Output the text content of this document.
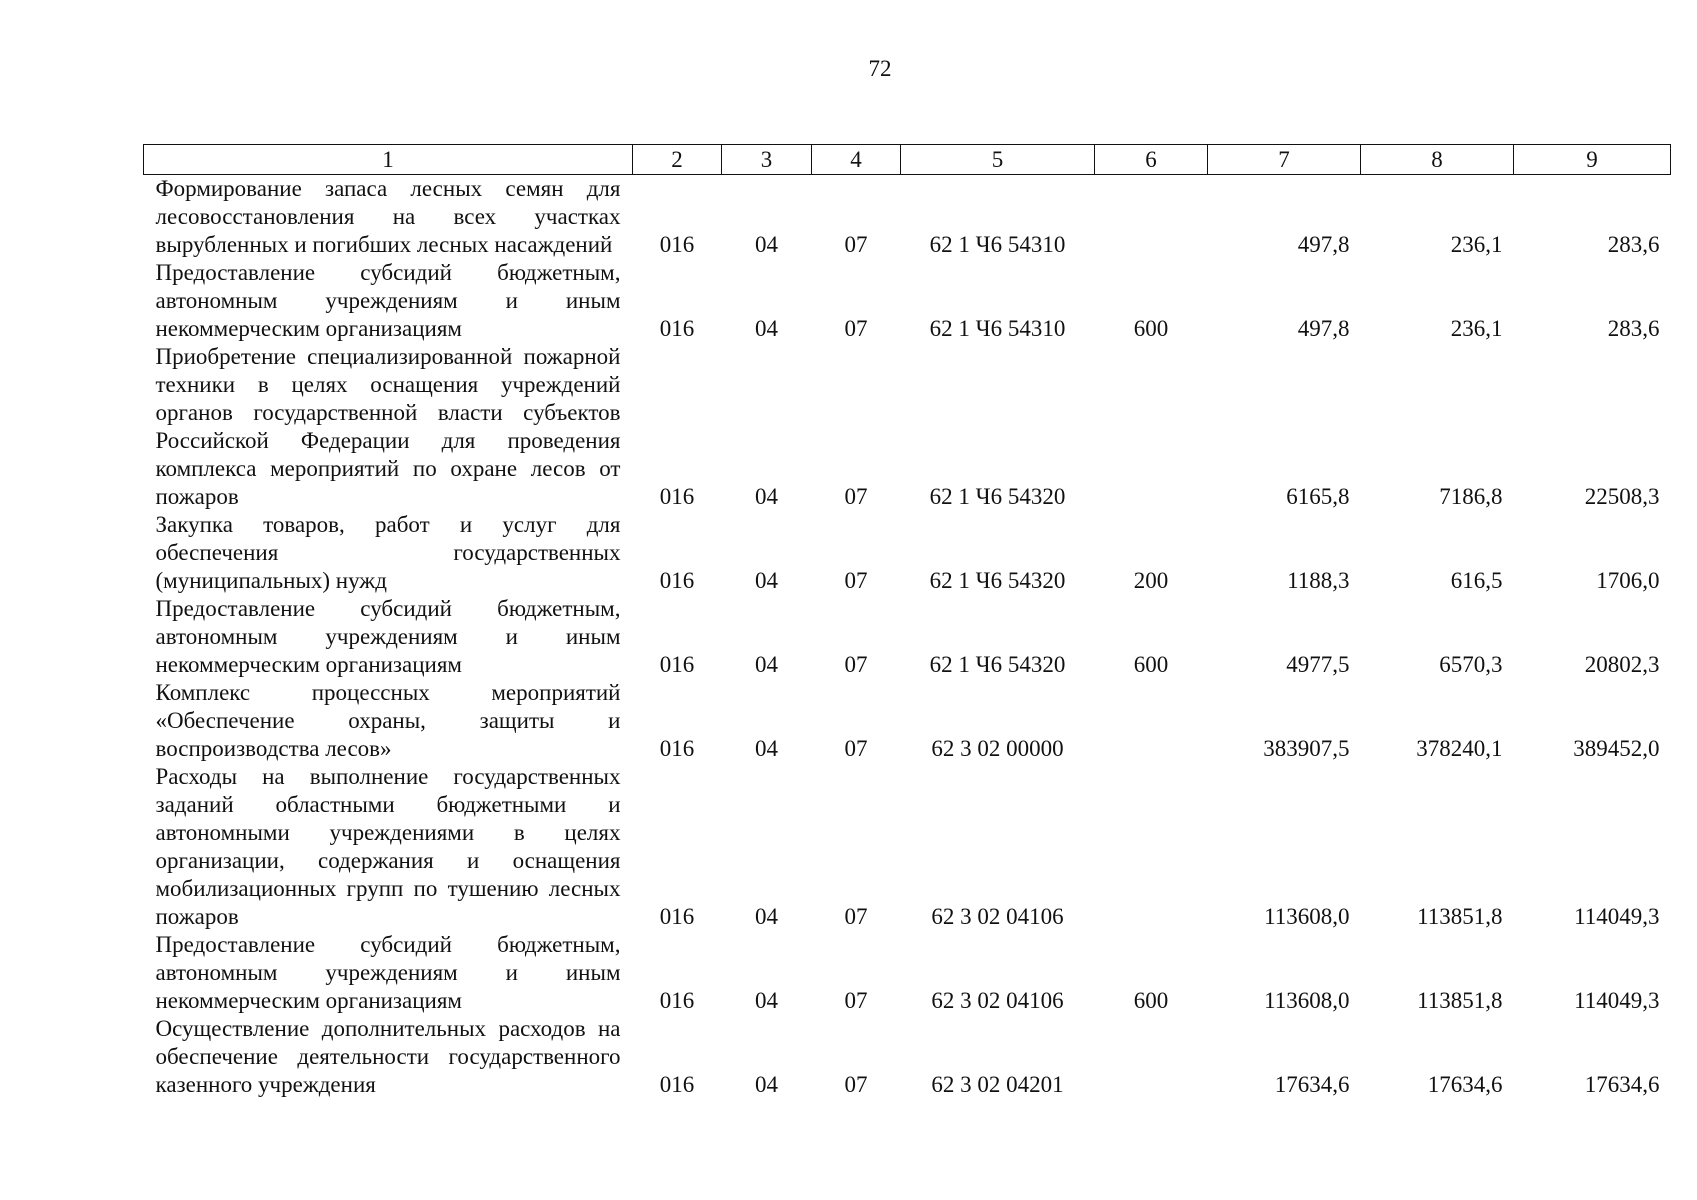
72
1	2	3	4	5	6	7	8	9
Формирование запаса лесных семян для лесовосстановления на всех участках вырубленных и погибших лесных насаждений	016	04	07	62 1 Ч6 54310		497,8	236,1	283,6
Предоставление субсидий бюджетным, автономным учреждениям и иным некоммерческим организациям	016	04	07	62 1 Ч6 54310	600	497,8	236,1	283,6
Приобретение специализированной пожарной техники в целях оснащения учреждений органов государственной власти субъектов Российской Федерации для проведения комплекса мероприятий по охране лесов от пожаров	016	04	07	62 1 Ч6 54320		6165,8	7186,8	22508,3
Закупка товаров, работ и услуг для обеспечения государственных (муниципальных) нужд	016	04	07	62 1 Ч6 54320	200	1188,3	616,5	1706,0
Предоставление субсидий бюджетным, автономным учреждениям и иным некоммерческим организациям	016	04	07	62 1 Ч6 54320	600	4977,5	6570,3	20802,3
Комплекс процессных мероприятий «Обеспечение охраны, защиты и воспроизводства лесов»	016	04	07	62 3 02 00000		383907,5	378240,1	389452,0
Расходы на выполнение государственных заданий областными бюджетными и автономными учреждениями в целях организации, содержания и оснащения мобилизационных групп по тушению лесных пожаров	016	04	07	62 3 02 04106		113608,0	113851,8	114049,3
Предоставление субсидий бюджетным, автономным учреждениям и иным некоммерческим организациям	016	04	07	62 3 02 04106	600	113608,0	113851,8	114049,3
Осуществление дополнительных расходов на обеспечение деятельности государственного казенного учреждения	016	04	07	62 3 02 04201		17634,6	17634,6	17634,6
